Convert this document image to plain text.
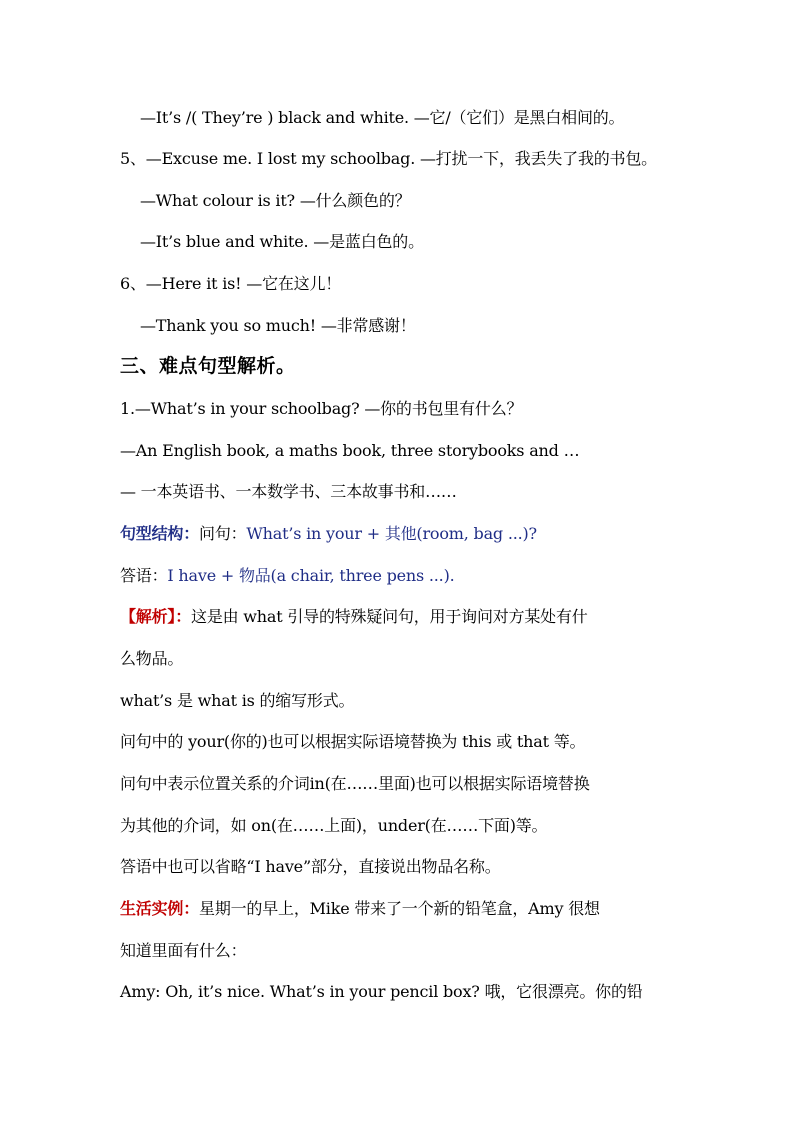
—It’s /( They’re ) black and white. —它/（它们）是黑白相间的。
5、—Excuse me. I lost my schoolbag. —打扰一下，我丢失了我的书包。
—What colour is it? —什么颜色的？
—It’s blue and white. —是蓝白色的。
6、—Here it is! —它在这儿！
—Thank you so much! —非常感谢！
三、难点句型解析。
1.—What’s in your schoolbag? —你的书包里有什么？
—An English book, a maths book, three storybooks and …
— 一本英语书、一本数学书、三本故事书和……
句型结构：问句：What’s in your + 其他(room, bag ...)?
答语：I have + 物品(a chair, three pens ...).
【解析】：这是由 what 引导的特殊疑问句，用于询问对方某处有什
么物品。
what’s 是 what is 的缩写形式。
问句中的 your(你的)也可以根据实际语境替换为 this 或 that 等。
问句中表示位置关系的介词in(在……里面)也可以根据实际语境替换
为其他的介词，如 on(在……上面)，under(在……下面)等。
答语中也可以省略“I have”部分，直接说出物品名称。
生活实例：星期一的早上，Mike 带来了一个新的铅笔盒，Amy 很想
知道里面有什么：
Amy: Oh, it’s nice. What’s in your pencil box? 哦，它很漂亮。你的铅
